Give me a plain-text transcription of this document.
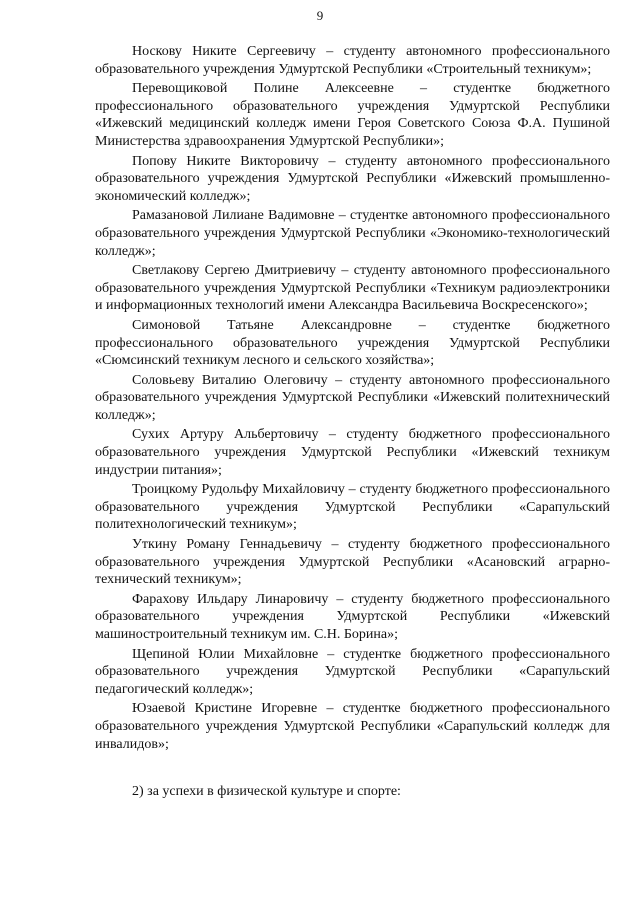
9

Носкову Никите Сергеевичу – студенту автономного профессионального образовательного учреждения Удмуртской Республики «Строительный техникум»;

Перевощиковой Полине Алексеевне – студентке бюджетного профессионального образовательного учреждения Удмуртской Республики «Ижевский медицинский колледж имени Героя Советского Союза Ф.А. Пушиной Министерства здравоохранения Удмуртской Республики»;

Попову Никите Викторовичу – студенту автономного профессионального образовательного учреждения Удмуртской Республики «Ижевский промышленно-экономический колледж»;

Рамазановой Лилиане Вадимовне – студентке автономного профессионального образовательного учреждения Удмуртской Республики «Экономико-технологический колледж»;

Светлакову Сергею Дмитриевичу – студенту автономного профессионального образовательного учреждения Удмуртской Республики «Техникум радиоэлектроники и информационных технологий имени Александра Васильевича Воскресенского»;

Симоновой Татьяне Александровне – студентке бюджетного профессионального образовательного учреждения Удмуртской Республики «Сюмсинский техникум лесного и сельского хозяйства»;

Соловьеву Виталию Олеговичу – студенту автономного профессионального образовательного учреждения Удмуртской Республики «Ижевский политехнический колледж»;

Сухих Артуру Альбертовичу – студенту бюджетного профессионального образовательного учреждения Удмуртской Республики «Ижевский техникум индустрии питания»;

Троицкому Рудольфу Михайловичу – студенту бюджетного профессионального образовательного учреждения Удмуртской Республики «Сарапульский политехнологический техникум»;

Уткину Роману Геннадьевичу – студенту бюджетного профессионального образовательного учреждения Удмуртской Республики «Асановский аграрно-технический техникум»;

Фарахову Ильдару Линаровичу – студенту бюджетного профессионального образовательного учреждения Удмуртской Республики «Ижевский машиностроительный техникум им. С.Н. Борина»;

Щепиной Юлии Михайловне – студентке бюджетного профессионального образовательного учреждения Удмуртской Республики «Сарапульский педагогический колледж»;

Юзаевой Кристине Игоревне – студентке бюджетного профессионального образовательного учреждения Удмуртской Республики «Сарапульский колледж для инвалидов»;

2) за успехи в физической культуре и спорте:
